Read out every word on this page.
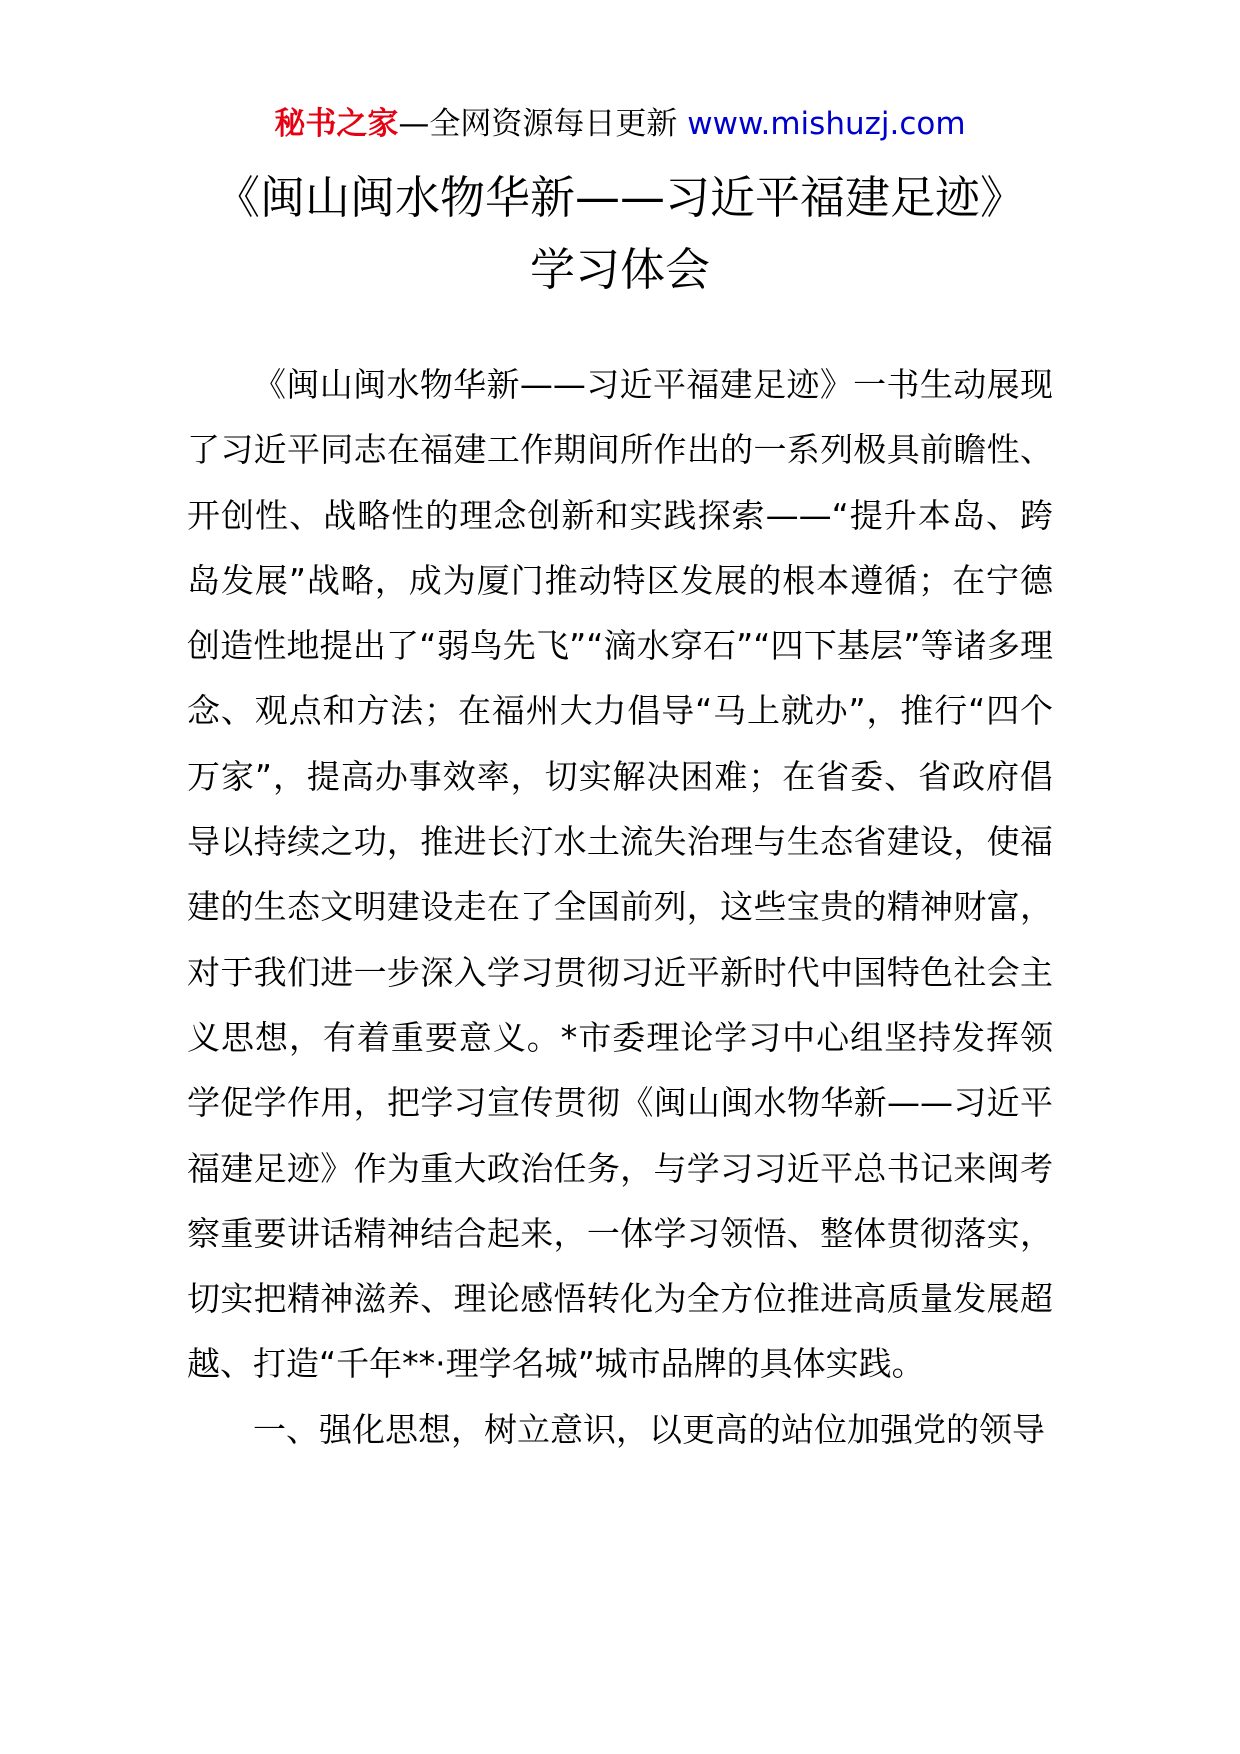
秘书之家—全网资源每日更新 www.mishuzj.com
《闽山闽水物华新——习近平福建足迹》
学习体会

《闽山闽水物华新——习近平福建足迹》一书生动展现了习近平同志在福建工作期间所作出的一系列极具前瞻性、开创性、战略性的理念创新和实践探索——“提升本岛、跨岛发展”战略，成为厦门推动特区发展的根本遵循；在宁德创造性地提出了“弱鸟先飞”“滴水穿石”“四下基层”等诸多理念、观点和方法；在福州大力倡导“马上就办”，推行“四个万家”，提高办事效率，切实解决困难；在省委、省政府倡导以持续之功，推进长汀水土流失治理与生态省建设，使福建的生态文明建设走在了全国前列，这些宝贵的精神财富，对于我们进一步深入学习贯彻习近平新时代中国特色社会主义思想，有着重要意义。*市委理论学习中心组坚持发挥领学促学作用，把学习宣传贯彻《闽山闽水物华新——习近平福建足迹》作为重大政治任务，与学习习近平总书记来闽考察重要讲话精神结合起来，一体学习领悟、整体贯彻落实，切实把精神滋养、理论感悟转化为全方位推进高质量发展超越、打造“千年**·理学名城”城市品牌的具体实践。

一、强化思想，树立意识，以更高的站位加强党的领导
